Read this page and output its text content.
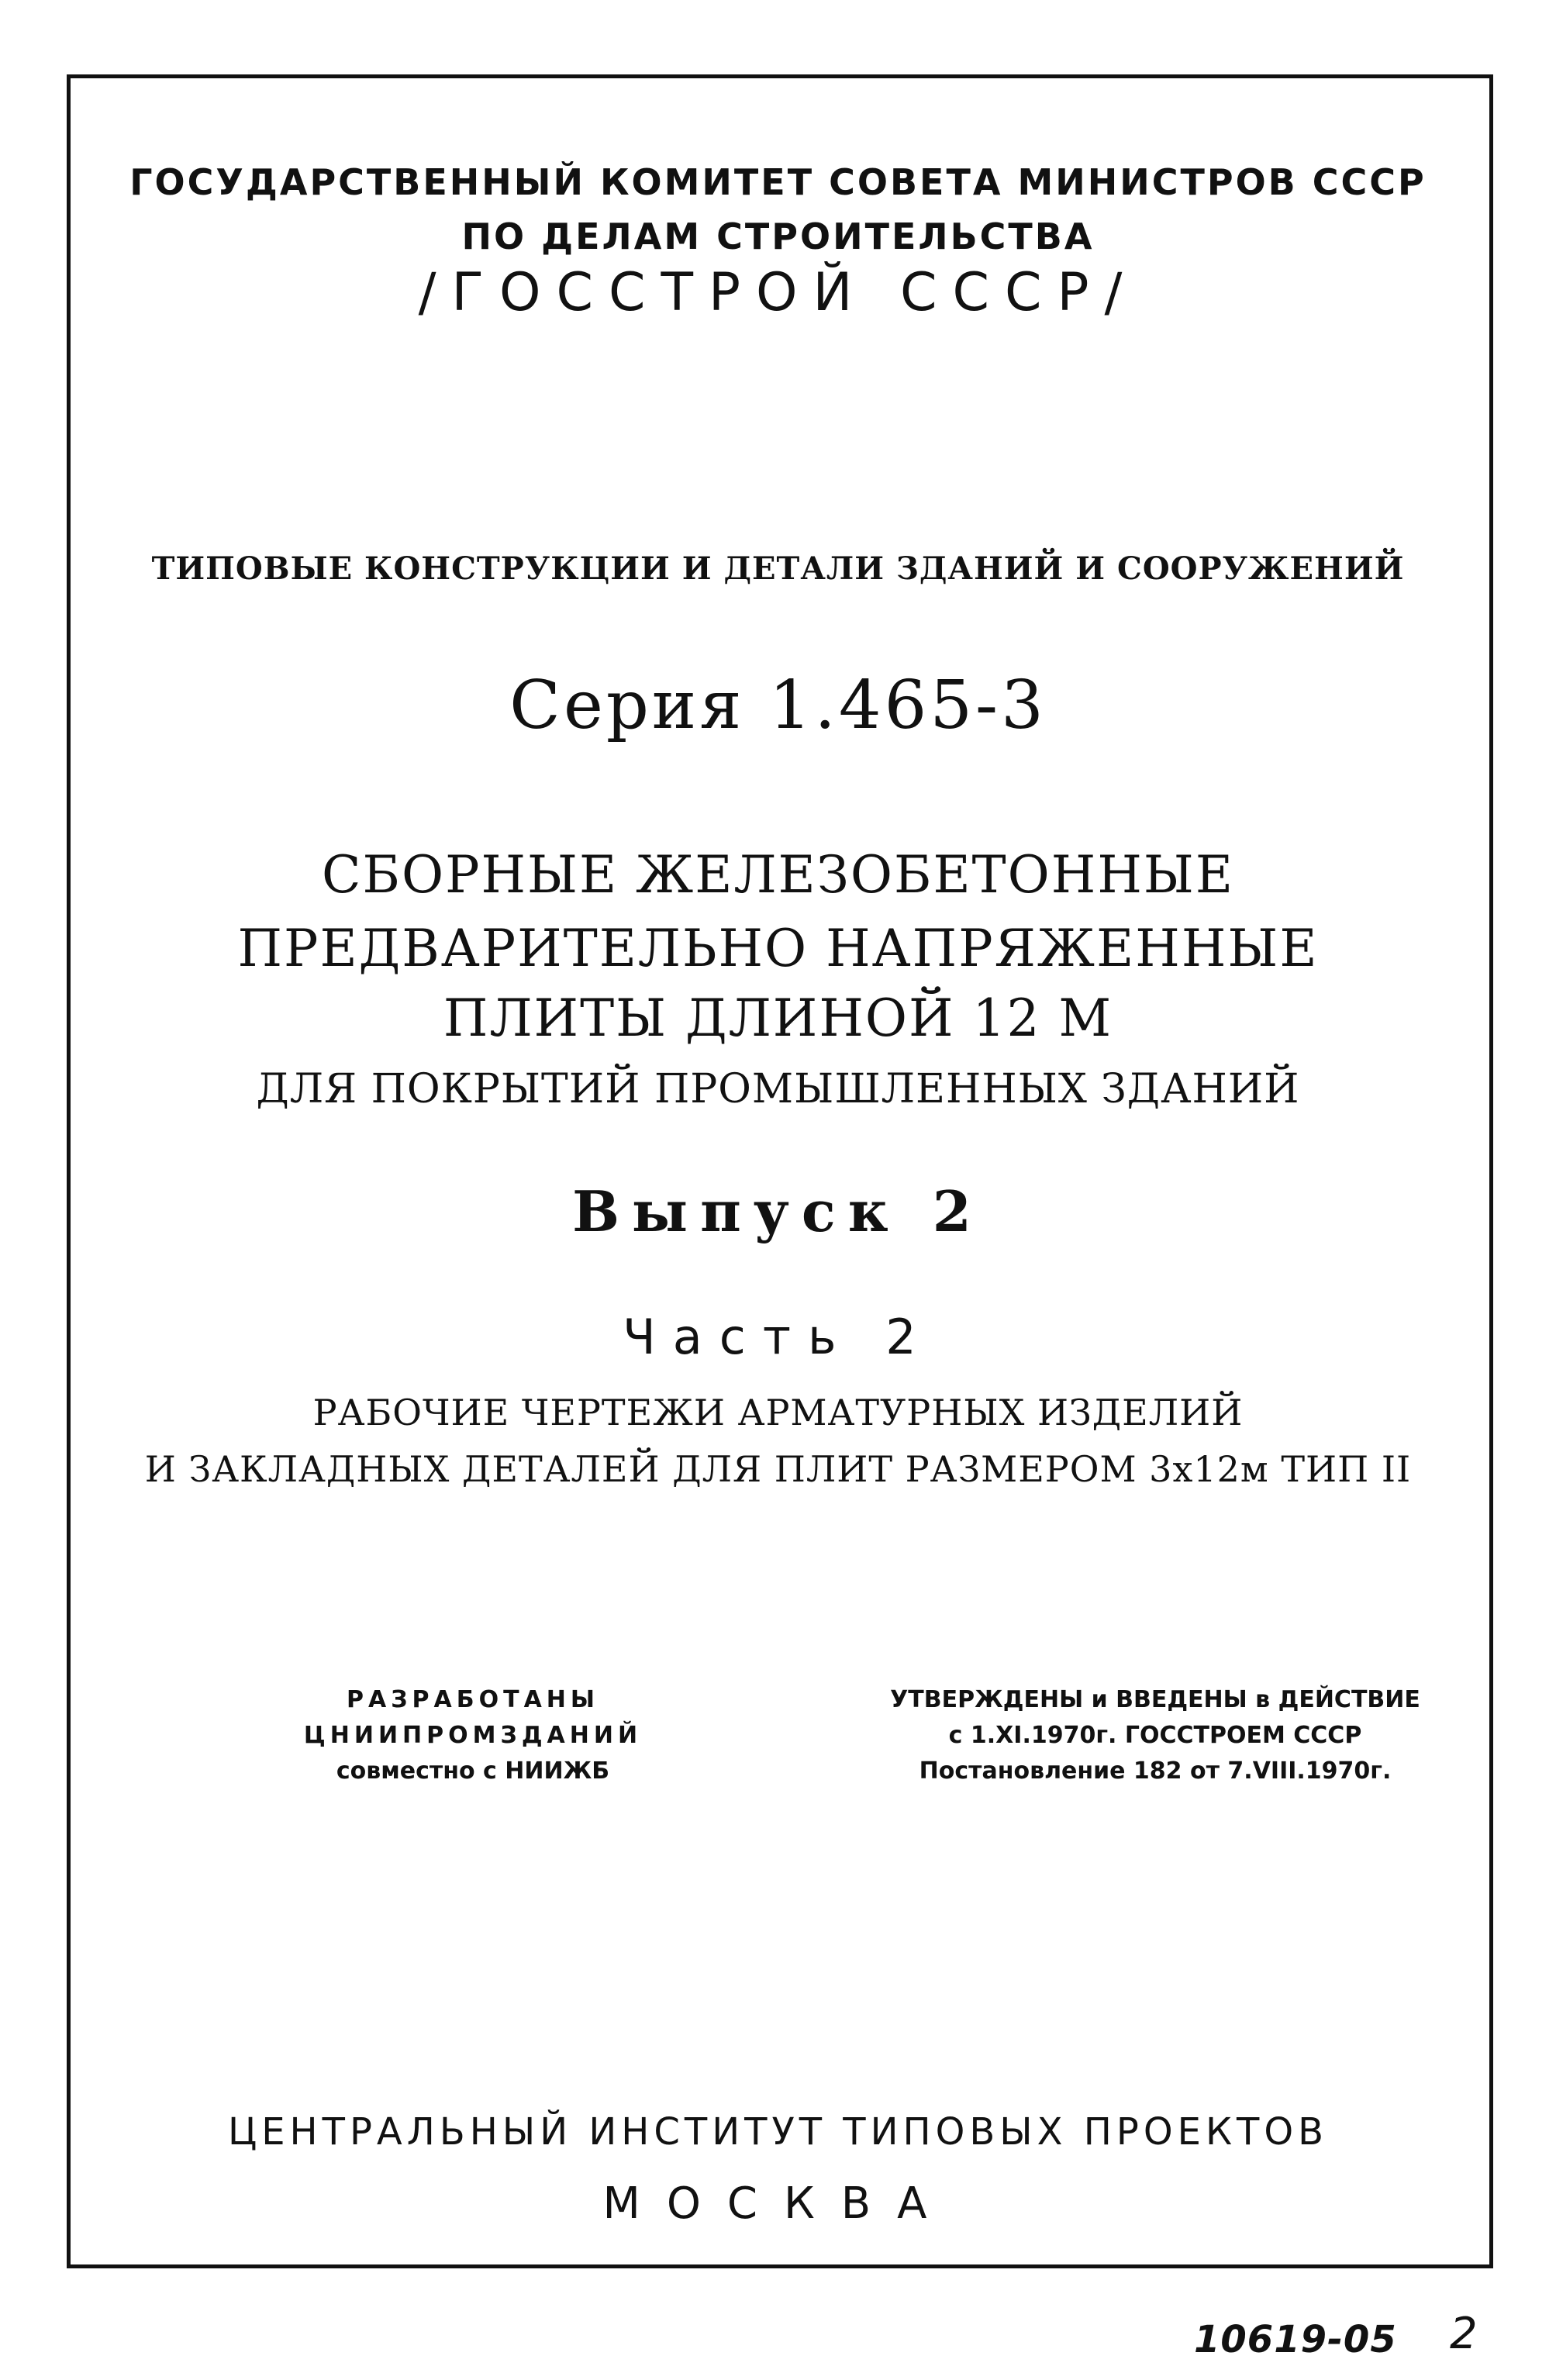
ГОСУДАРСТВЕННЫЙ КОМИТЕТ СОВЕТА МИНИСТРОВ СССР
ПО ДЕЛАМ СТРОИТЕЛЬСТВА
/ГОССТРОЙ СССР/
ТИПОВЫЕ КОНСТРУКЦИИ И ДЕТАЛИ ЗДАНИЙ И СООРУЖЕНИЙ
Серия 1.465-3
СБОРНЫЕ ЖЕЛЕЗОБЕТОННЫЕ
ПРЕДВАРИТЕЛЬНО НАПРЯЖЕННЫЕ
ПЛИТЫ ДЛИНОЙ 12 М
ДЛЯ ПОКРЫТИЙ ПРОМЫШЛЕННЫХ ЗДАНИЙ
Выпуск 2
Часть 2
РАБОЧИЕ ЧЕРТЕЖИ АРМАТУРНЫХ ИЗДЕЛИЙ
И ЗАКЛАДНЫХ ДЕТАЛЕЙ ДЛЯ ПЛИТ РАЗМЕРОМ 3х12м ТИП II
РАЗРАБОТАНЫ
ЦНИИПРОМЗДАНИЙ
совместно с НИИЖБ
УТВЕРЖДЕНЫ и ВВЕДЕНЫ в ДЕЙСТВИЕ
с 1.XI.1970г. ГОССТРОЕМ СССР
Постановление 182 от 7.VIII.1970г.
ЦЕНТРАЛЬНЫЙ ИНСТИТУТ ТИПОВЫХ ПРОЕКТОВ
МОСКВА
10619-05 2
